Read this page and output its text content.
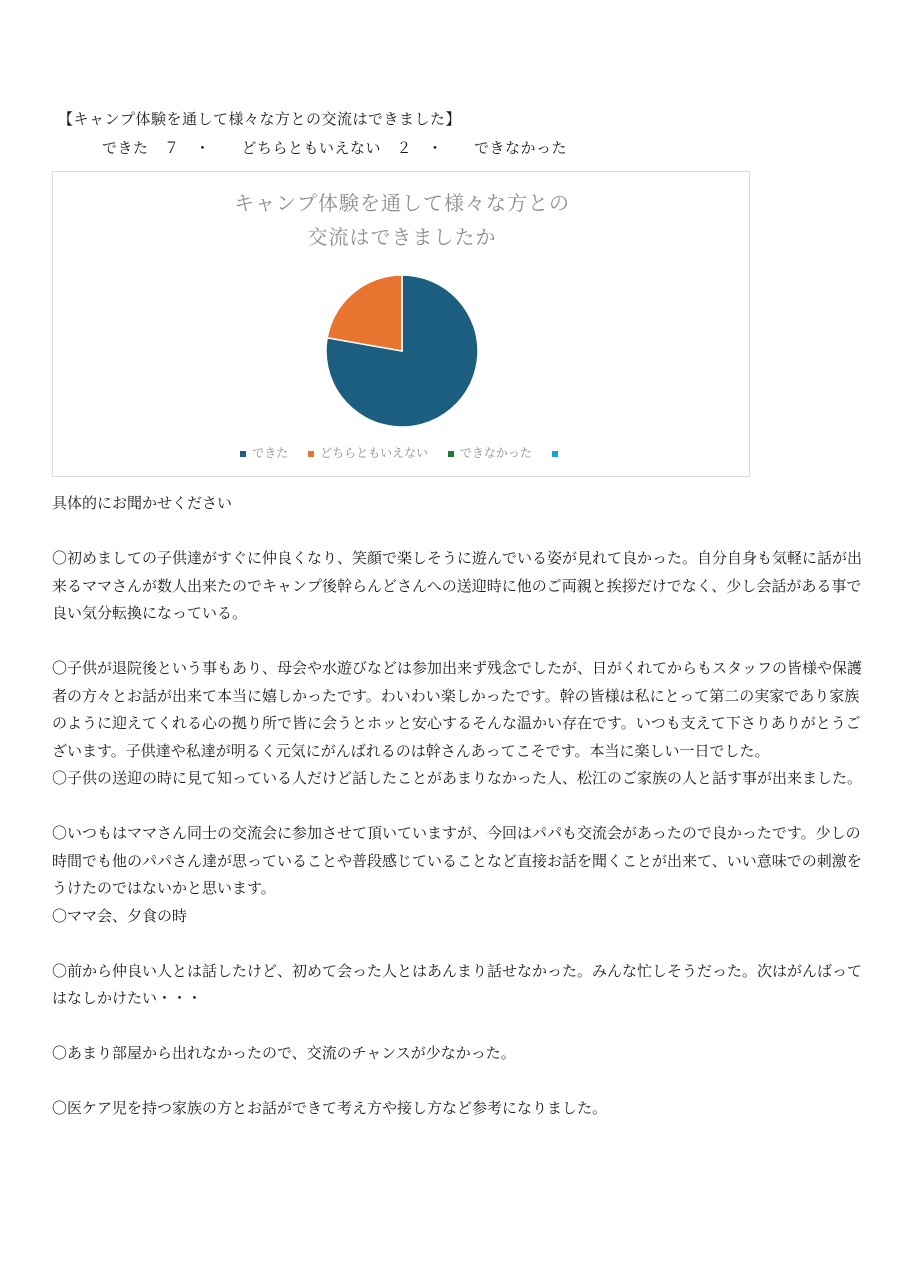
【キャンプ体験を通して様々な方との交流はできました】
できた　７　・　　どちらともいえない　２　・　　できなかった
キャンプ体験を通して様々な方との
交流はできましたか
できた	どちらともいえない	できなかった
具体的にお聞かせください

〇初めましての子供達がすぐに仲良くなり、笑顔で楽しそうに遊んでいる姿が見れて良かった。自分自身も気軽に話が出来るママさんが数人出来たのでキャンプ後幹らんどさんへの送迎時に他のご両親と挨拶だけでなく、少し会話がある事で良い気分転換になっている。

〇子供が退院後という事もあり、母会や水遊びなどは参加出来ず残念でしたが、日がくれてからもスタッフの皆様や保護者の方々とお話が出来て本当に嬉しかったです。わいわい楽しかったです。幹の皆様は私にとって第二の実家であり家族のように迎えてくれる心の拠り所で皆に会うとホッと安心するそんな温かい存在です。いつも支えて下さりありがとうございます。子供達や私達が明るく元気にがんばれるのは幹さんあってこそです。本当に楽しい一日でした。

〇子供の送迎の時に見て知っている人だけど話したことがあまりなかった人、松江のご家族の人と話す事が出来ました。

〇いつもはママさん同士の交流会に参加させて頂いていますが、今回はパパも交流会があったので良かったです。少しの時間でも他のパパさん達が思っていることや普段感じていることなど直接お話を聞くことが出来て、いい意味での刺激をうけたのではないかと思います。

〇ママ会、夕食の時

〇前から仲良い人とは話したけど、初めて会った人とはあんまり話せなかった。みんな忙しそうだった。次はがんばってはなしかけたい・・・

〇あまり部屋から出れなかったので、交流のチャンスが少なかった。

〇医ケア児を持つ家族の方とお話ができて考え方や接し方など参考になりました。
